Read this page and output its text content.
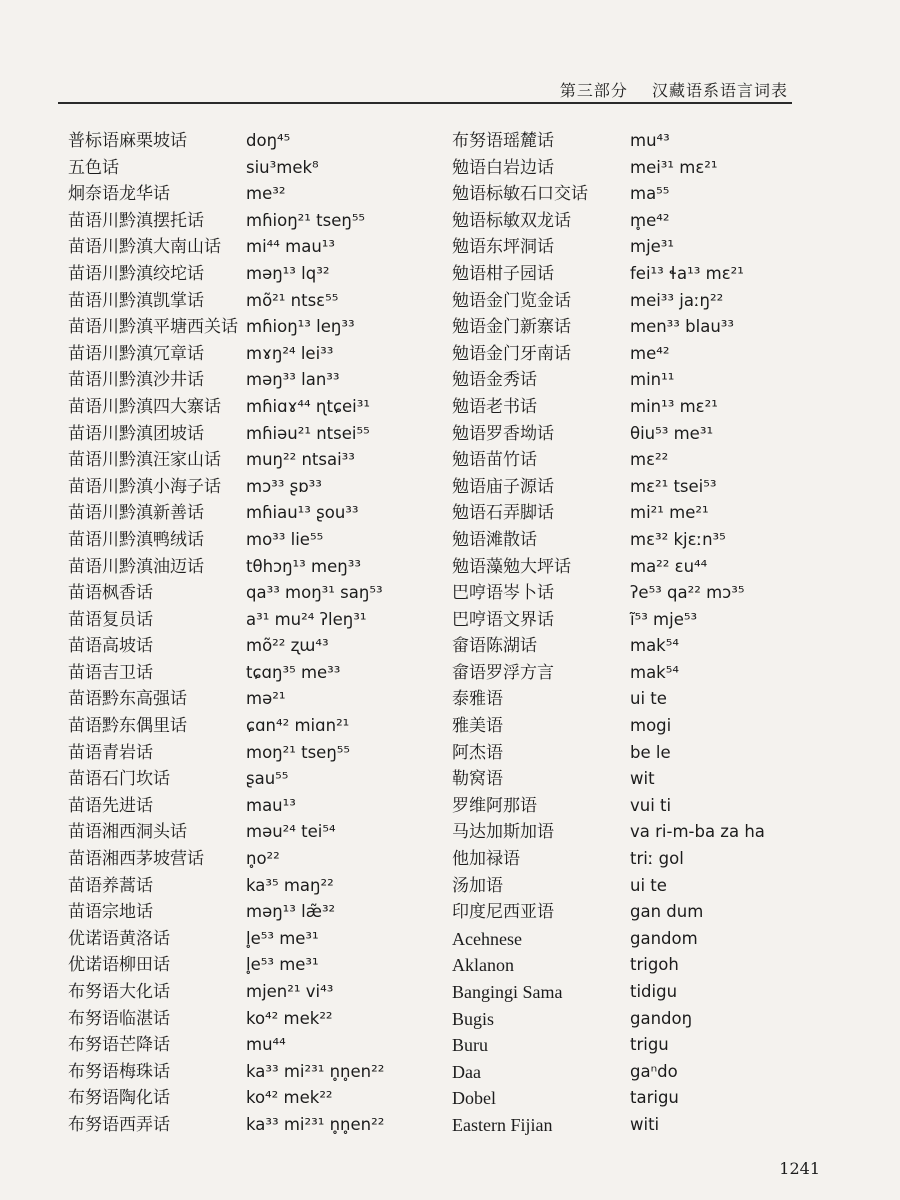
第三部分 汉藏语系语言词表
普标语麻栗坡话
五色话
炯奈语龙华话
苗语川黔滇摆托话
苗语川黔滇大南山话
苗语川黔滇绞坨话
苗语川黔滇凯掌话
苗语川黔滇平塘西关话
苗语川黔滇冗章话
苗语川黔滇沙井话
苗语川黔滇四大寨话
苗语川黔滇团坡话
苗语川黔滇汪家山话
苗语川黔滇小海子话
苗语川黔滇新善话
苗语川黔滇鸭绒话
苗语川黔滇油迈话
苗语枫香话
苗语复员话
苗语高坡话
苗语吉卫话
苗语黔东高强话
苗语黔东偶里话
苗语青岩话
苗语石门坎话
苗语先进话
苗语湘西洞头话
苗语湘西茅坡营话
苗语养蒿话
苗语宗地话
优诺语黄洛话
优诺语柳田话
布努语大化话
布努语临湛话
布努语芒降话
布努语梅珠话
布努语陶化话
布努语西弄话
doŋ⁴⁵
siu³mek⁸
me³²
mɦioŋ²¹ tseŋ⁵⁵
mi⁴⁴ mau¹³
məŋ¹³ lq³²
mõ²¹ ntsɛ⁵⁵
mɦioŋ¹³ leŋ³³
mɤŋ²⁴ lei³³
məŋ³³ lan³³
mɦiɑɤ⁴⁴ ɳtɕei³¹
mɦiəu²¹ ntsei⁵⁵
muŋ²² ntsai³³
mɔ³³ ʂɒ³³
mɦiau¹³ ʂou³³
mo³³ lie⁵⁵
tθhɔŋ¹³ meŋ³³
qa³³ moŋ³¹ saŋ⁵³
a³¹ mu²⁴ ʔleŋ³¹
mõ²² ʐɯ⁴³
tɕɑŋ³⁵ me³³
mə²¹
ɕɑn⁴² miɑn²¹
moŋ²¹ tseŋ⁵⁵
ʂau⁵⁵
mau¹³
məu²⁴ tei⁵⁴
n̥o²²
ka³⁵ maŋ²²
məŋ¹³ læ̃³²
l̥e⁵³ me³¹
l̥e⁵³ me³¹
mjen²¹ vi⁴³
ko⁴² mek²²
mu⁴⁴
ka³³ mi²³¹ n̥n̥en²²
ko⁴² mek²²
ka³³ mi²³¹ n̥n̥en²²
布努语瑶麓话
勉语白岩边话
勉语标敏石口交话
勉语标敏双龙话
勉语东坪洞话
勉语柑子园话
勉语金门览金话
勉语金门新寨话
勉语金门牙南话
勉语金秀话
勉语老书话
勉语罗香坳话
勉语苗竹话
勉语庙子源话
勉语石弄脚话
勉语滩散话
勉语藻勉大坪话
巴哼语岑卜话
巴哼语文界话
畲语陈湖话
畲语罗浮方言
泰雅语
雅美语
阿杰语
勒窝语
罗维阿那语
马达加斯加语
他加禄语
汤加语
印度尼西亚语
Acehnese
Aklanon
Bangingi Sama
Bugis
Buru
Daa
Dobel
Eastern Fijian
mu⁴³
mei³¹ mɛ²¹
ma⁵⁵
m̥e⁴²
mje³¹
fei¹³ ɬa¹³ mɛ²¹
mei³³ jaːŋ²²
men³³ blau³³
me⁴²
min¹¹
min¹³ mɛ²¹
θiu⁵³ me³¹
mɛ²²
mɛ²¹ tsei⁵³
mi²¹ me²¹
mɛ³² kjɛːn³⁵
ma²² ɛu⁴⁴
ʔe⁵³ qa²² mɔ³⁵
ĩ⁵³ mje⁵³
mak⁵⁴
mak⁵⁴
ui te
mogi
be le
wit
vui ti
va ri-m-ba za ha
triː gol
ui te
gan dum
gandom
trigoh
tidigu
gandoŋ
trigu
gaⁿdo
tarigu
witi
1241
